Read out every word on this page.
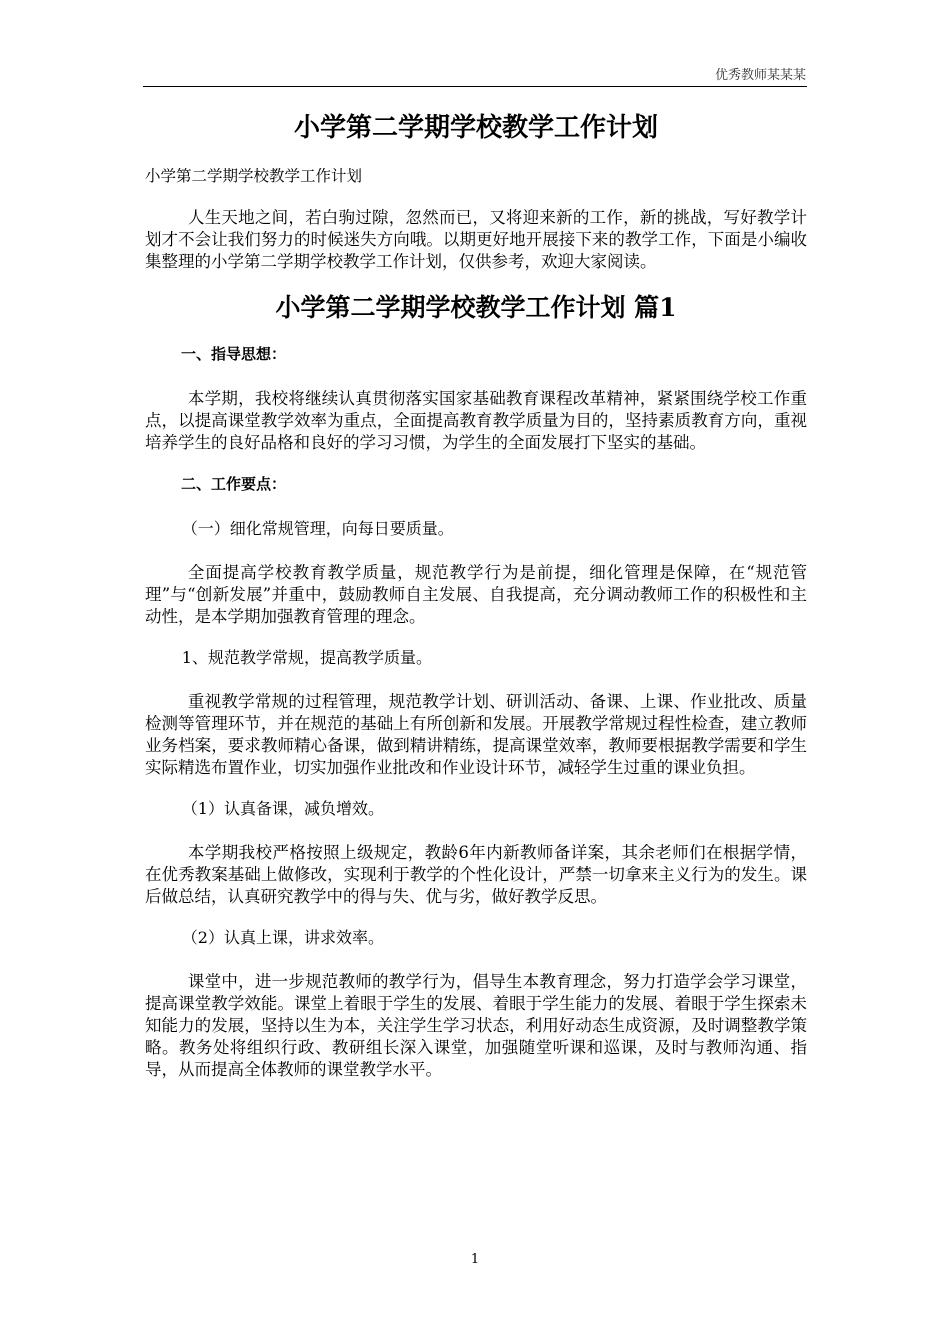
优秀教师某某某
小学第二学期学校教学工作计划
小学第二学期学校教学工作计划

人生天地之间，若白驹过隙，忽然而已，又将迎来新的工作，新的挑战，写好教学计划才不会让我们努力的时候迷失方向哦。以期更好地开展接下来的教学工作，下面是小编收集整理的小学第二学期学校教学工作计划，仅供参考，欢迎大家阅读。

小学第二学期学校教学工作计划 篇1
一、指导思想：

本学期，我校将继续认真贯彻落实国家基础教育课程改革精神，紧紧围绕学校工作重点，以提高课堂教学效率为重点，全面提高教育教学质量为目的，坚持素质教育方向，重视培养学生的良好品格和良好的学习习惯，为学生的全面发展打下坚实的基础。

二、工作要点：
（一）细化常规管理，向每日要质量。

全面提高学校教育教学质量，规范教学行为是前提，细化管理是保障，在“规范管理”与“创新发展”并重中，鼓励教师自主发展、自我提高，充分调动教师工作的积极性和主动性，是本学期加强教育管理的理念。

1、规范教学常规，提高教学质量。

重视教学常规的过程管理，规范教学计划、研训活动、备课、上课、作业批改、质量检测等管理环节，并在规范的基础上有所创新和发展。开展教学常规过程性检查，建立教师业务档案，要求教师精心备课，做到精讲精练，提高课堂效率，教师要根据教学需要和学生实际精选布置作业，切实加强作业批改和作业设计环节，减轻学生过重的课业负担。

（1）认真备课，减负增效。

本学期我校严格按照上级规定，教龄6年内新教师备详案，其余老师们在根据学情，在优秀教案基础上做修改，实现利于教学的个性化设计，严禁一切拿来主义行为的发生。课后做总结，认真研究教学中的得与失、优与劣，做好教学反思。

（2）认真上课，讲求效率。

课堂中，进一步规范教师的教学行为，倡导生本教育理念，努力打造学会学习课堂，提高课堂教学效能。课堂上着眼于学生的发展、着眼于学生能力的发展、着眼于学生探索未知能力的发展，坚持以生为本，关注学生学习状态，利用好动态生成资源，及时调整教学策略。教务处将组织行政、教研组长深入课堂，加强随堂听课和巡课，及时与教师沟通、指导，从而提高全体教师的课堂教学水平。

1
